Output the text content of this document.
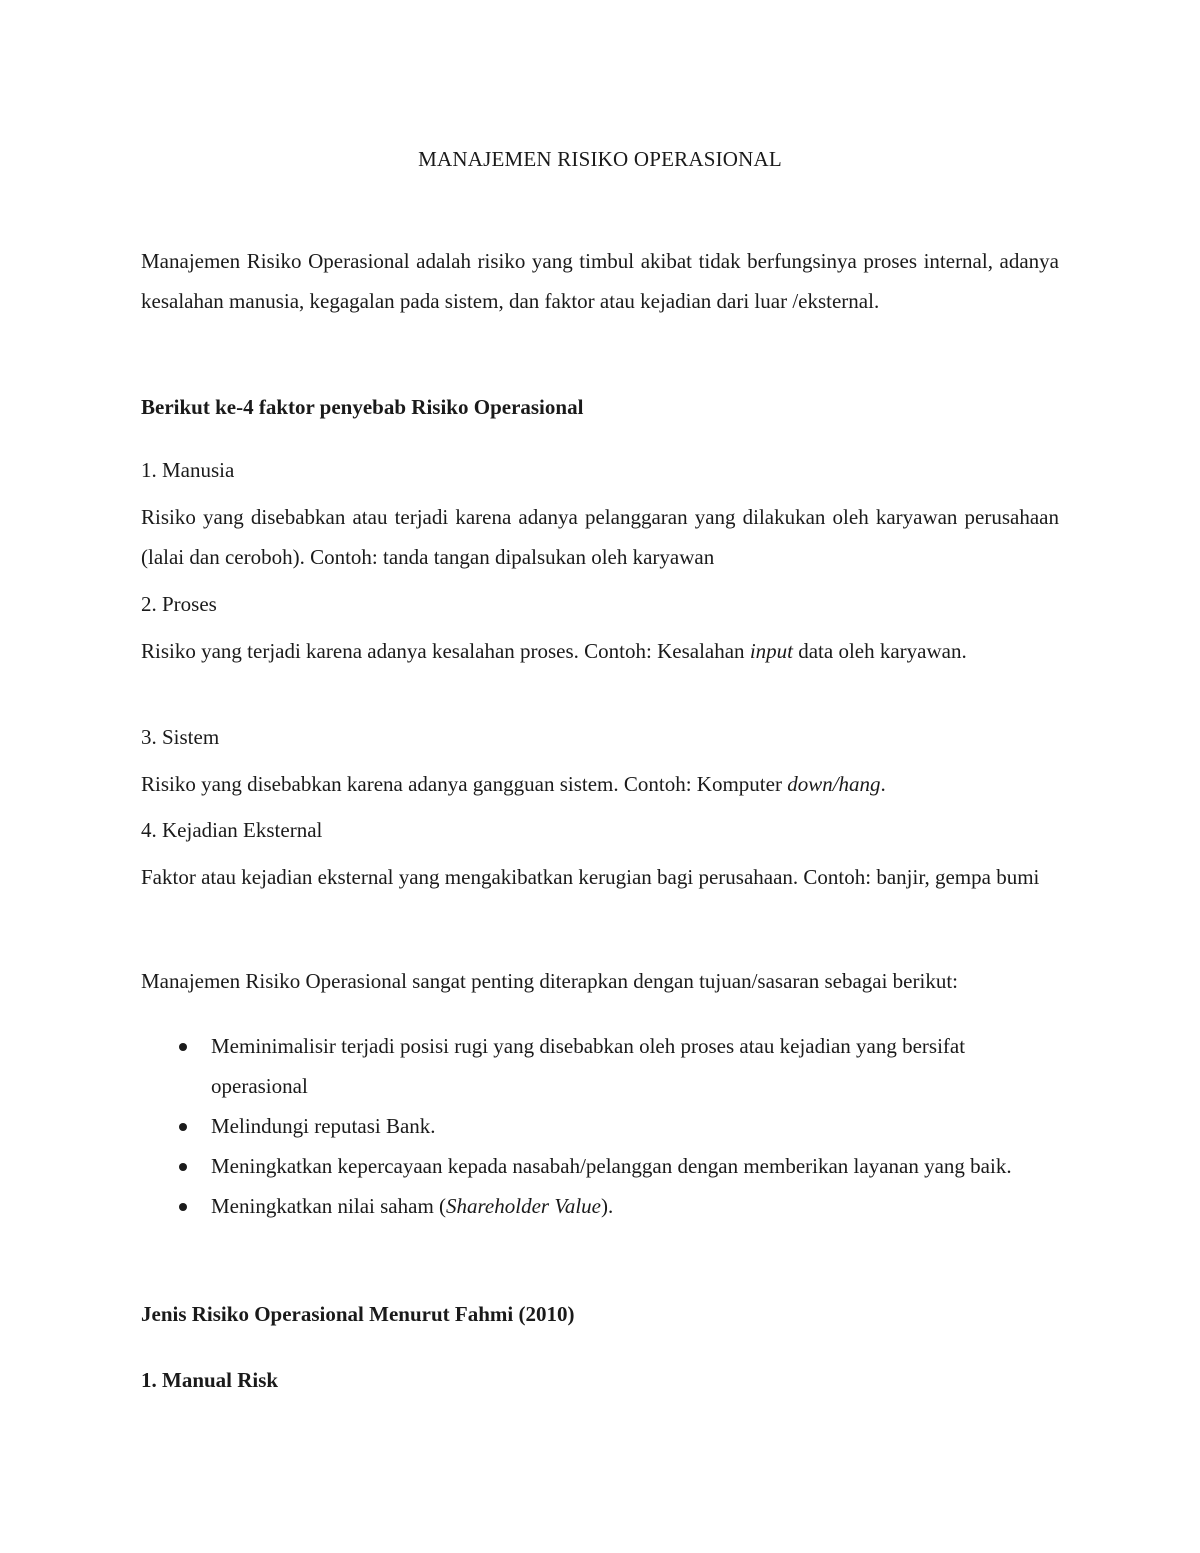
MANAJEMEN RISIKO OPERASIONAL

Manajemen Risiko Operasional adalah risiko yang timbul akibat tidak berfungsinya proses internal, adanya kesalahan manusia, kegagalan pada sistem, dan faktor atau kejadian dari luar /eksternal.

Berikut ke-4 faktor penyebab Risiko Operasional

1. Manusia

Risiko yang disebabkan atau terjadi karena adanya pelanggaran yang dilakukan oleh karyawan perusahaan (lalai dan ceroboh). Contoh: tanda tangan dipalsukan oleh karyawan

2. Proses

Risiko yang terjadi karena adanya kesalahan proses. Contoh: Kesalahan input data oleh karyawan.

3. Sistem

Risiko yang disebabkan karena adanya gangguan sistem. Contoh: Komputer down/hang.

4. Kejadian Eksternal

Faktor atau kejadian eksternal yang mengakibatkan kerugian bagi perusahaan. Contoh: banjir, gempa bumi

Manajemen Risiko Operasional sangat penting diterapkan dengan tujuan/sasaran sebagai berikut:

Meminimalisir terjadi posisi rugi yang disebabkan oleh proses atau kejadian yang bersifat operasional
Melindungi reputasi Bank.
Meningkatkan kepercayaan kepada nasabah/pelanggan dengan memberikan layanan yang baik.
Meningkatkan nilai saham (Shareholder Value).

Jenis Risiko Operasional Menurut Fahmi (2010)

1. Manual Risk
